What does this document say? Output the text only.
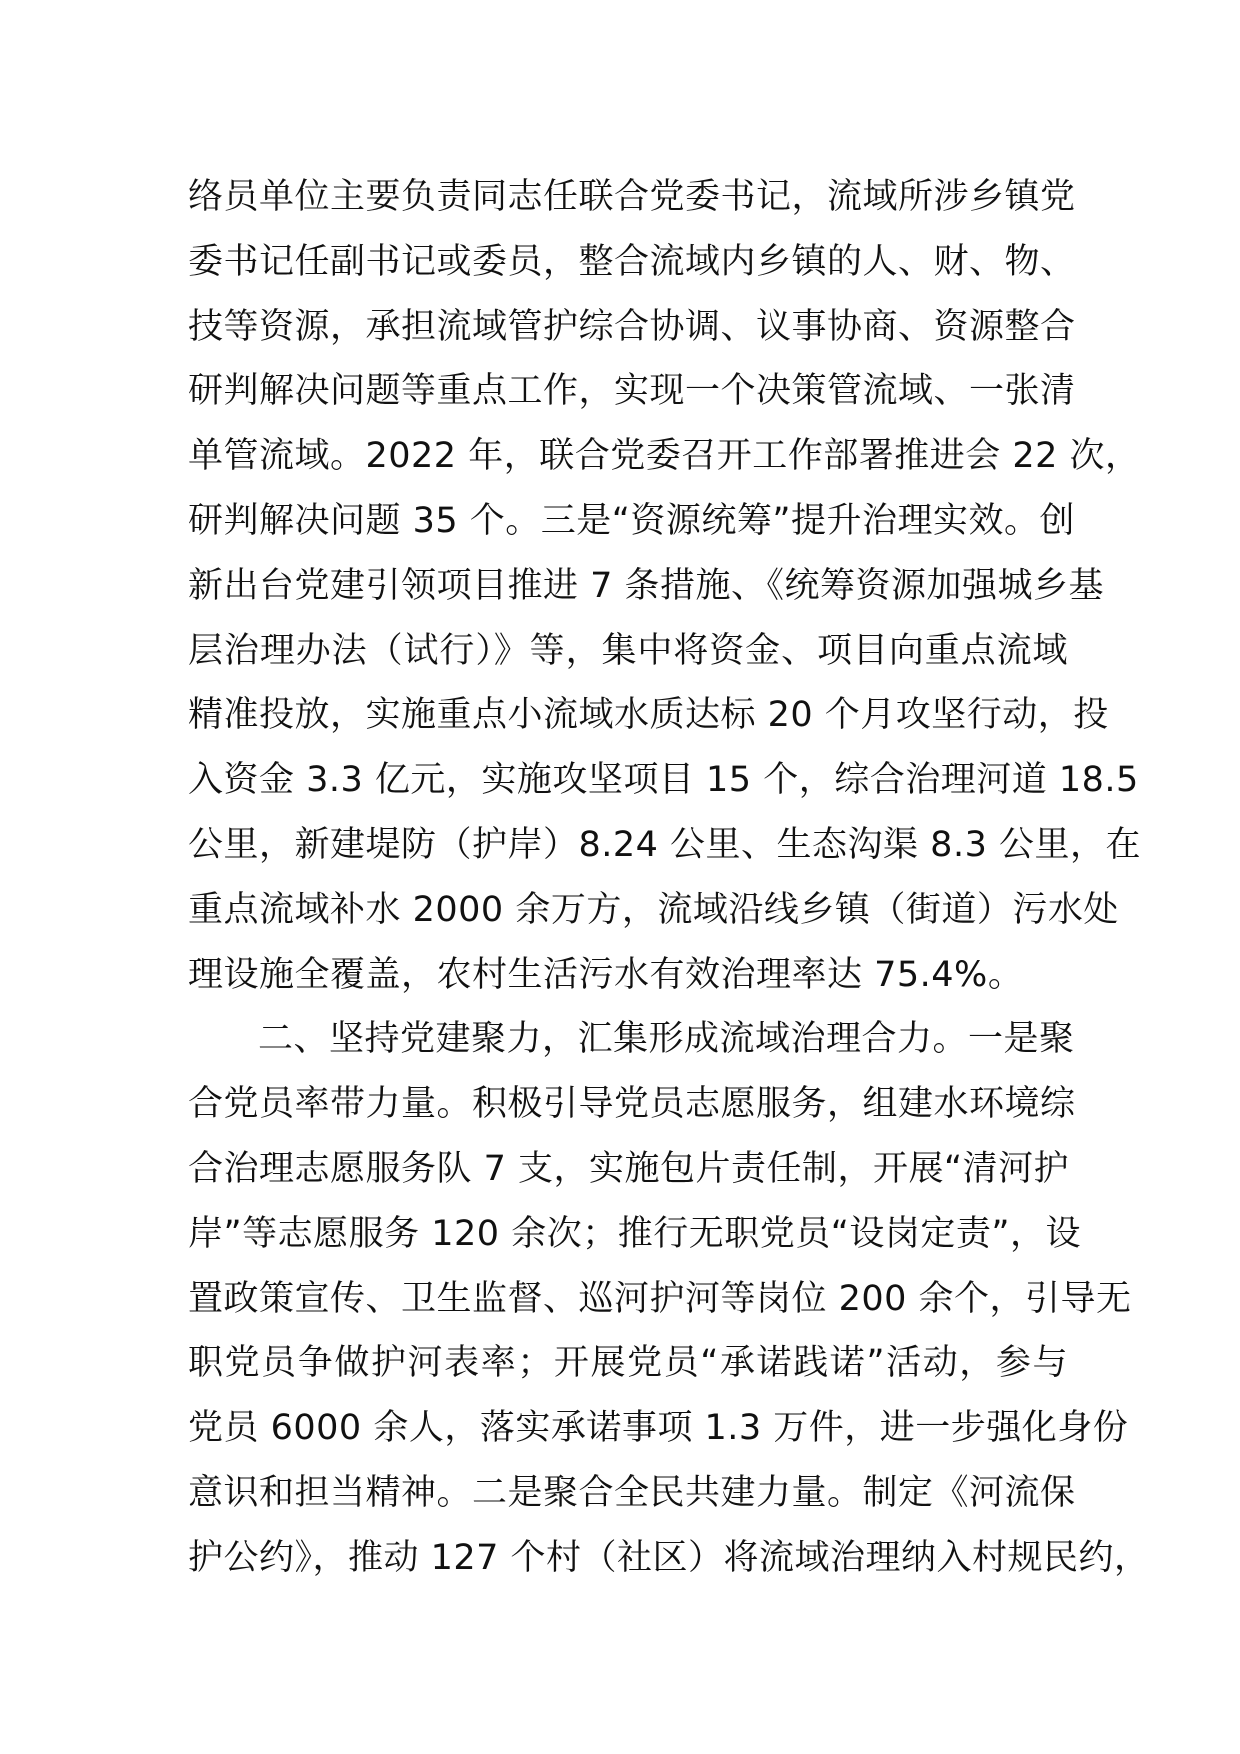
络员单位主要负责同志任联合党委书记，流域所涉乡镇党
委书记任副书记或委员，整合流域内乡镇的人、财、物、
技等资源，承担流域管护综合协调、议事协商、资源整合
研判解决问题等重点工作，实现一个决策管流域、一张清
单管流域。2022 年，联合党委召开工作部署推进会 22 次，
研判解决问题 35 个。三是“资源统筹”提升治理实效。创
新出台党建引领项目推进 7 条措施、《统筹资源加强城乡基
层治理办法（试行）》等，集中将资金、项目向重点流域
精准投放，实施重点小流域水质达标 20 个月攻坚行动，投
入资金 3.3 亿元，实施攻坚项目 15 个，综合治理河道 18.5
公里，新建堤防（护岸）8.24 公里、生态沟渠 8.3 公里，在
重点流域补水 2000 余万方，流域沿线乡镇（街道）污水处
理设施全覆盖，农村生活污水有效治理率达 75.4%。
二、坚持党建聚力，汇集形成流域治理合力。一是聚
合党员率带力量。积极引导党员志愿服务，组建水环境综
合治理志愿服务队 7 支，实施包片责任制，开展“清河护
岸”等志愿服务 120 余次；推行无职党员“设岗定责”，设
置政策宣传、卫生监督、巡河护河等岗位 200 余个，引导无
职党员争做护河表率；开展党员“承诺践诺”活动，参与
党员 6000 余人，落实承诺事项 1.3 万件，进一步强化身份
意识和担当精神。二是聚合全民共建力量。制定《河流保
护公约》，推动 127 个村（社区）将流域治理纳入村规民约，
